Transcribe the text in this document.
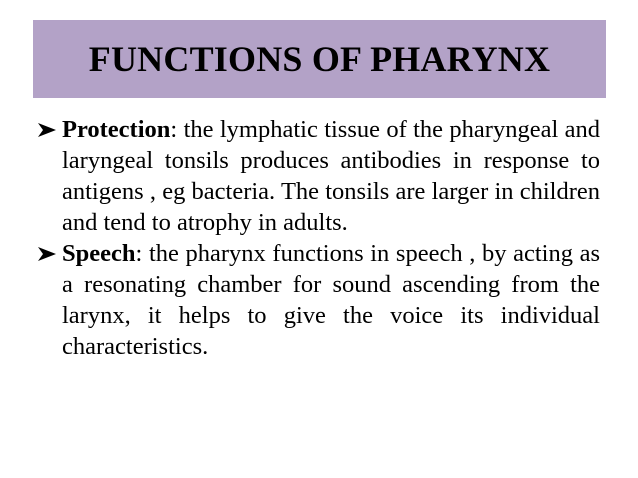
FUNCTIONS OF PHARYNX
Protection: the lymphatic tissue of the pharyngeal and laryngeal tonsils produces antibodies in response to antigens , eg bacteria. The tonsils are larger in children and tend to atrophy in adults.
Speech: the pharynx functions in speech , by acting as a resonating chamber for sound ascending from the larynx, it helps to give the voice its individual characteristics.
